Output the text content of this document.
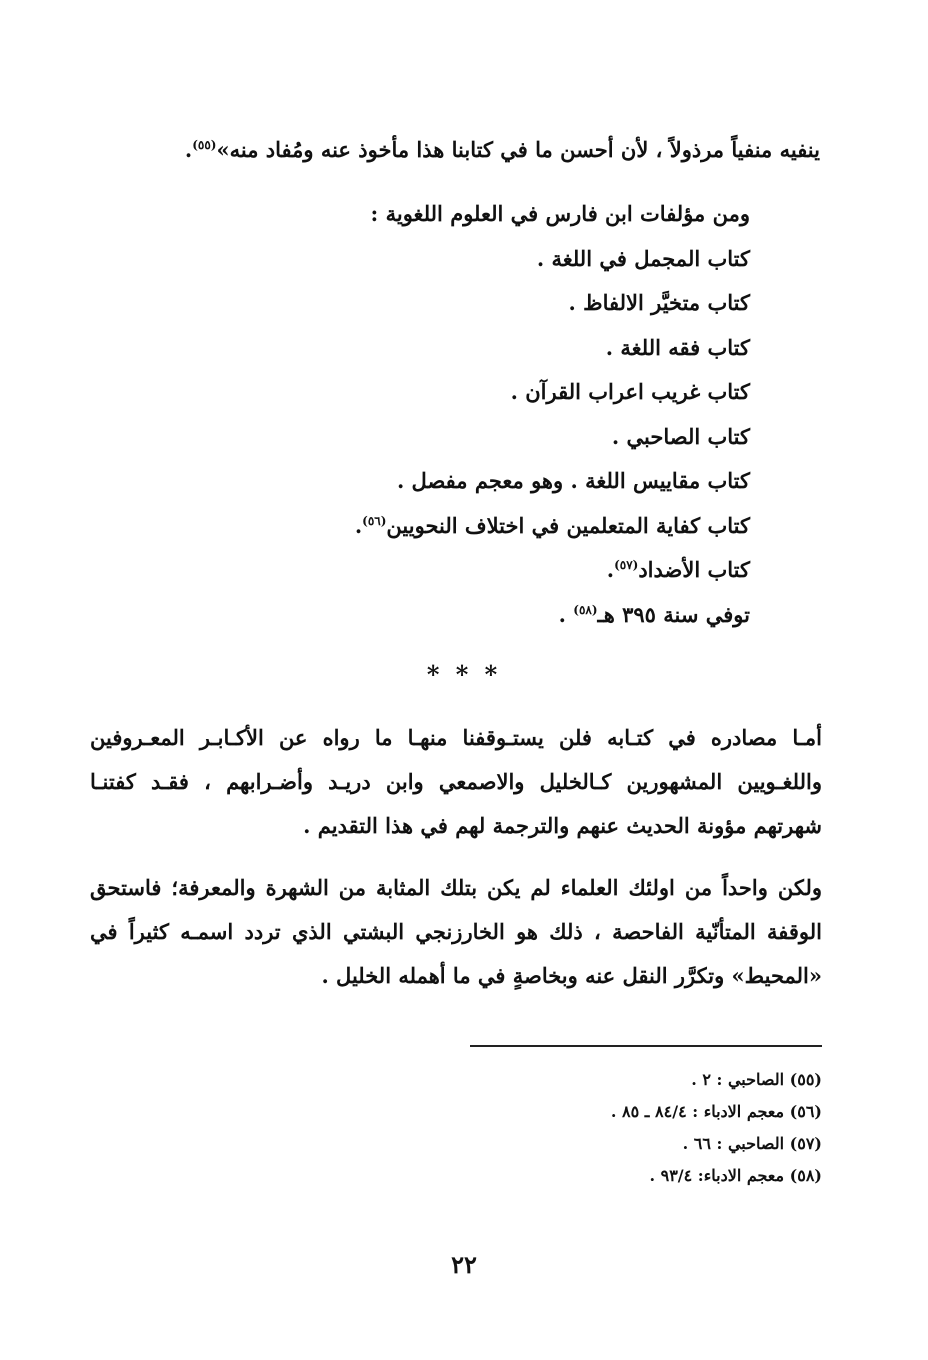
ينفيه منفياً مرذولاً ، لأن أحسن ما في كتابنا هذا مأخوذ عنه ومُفاد منه»$^{(٥٥)}$.

ومن مؤلفات ابن فارس في العلوم اللغوية :
كتاب المجمل في اللغة .
كتاب متخيَّر الالفاظ .
كتاب فقه اللغة .
كتاب غريب اعراب القرآن .
كتاب الصاحبي .
كتاب مقاييس اللغة . وهو معجم مفصل .
كتاب كفاية المتعلمين في اختلاف النحويين$^{(٥٦)}$.
كتاب الأضداد$^{(٥٧)}$.
توفي سنة ٣٩٥ هـ$^{(٥٨)}$ .
* * *

أمـا مصادره في كتـابه فلن يستـوقفنا منهـا ما رواه عن الأكـابـر المعـروفين واللغـويين المشهورين كـالخليل والاصمعي وابن دريـد وأضـرابهم ، فقـد كفتنـا شهرتهم مؤونة الحديث عنهم والترجمة لهم في هذا التقديم .

ولكن واحداً من اولئك العلماء لم يكن بتلك المثابة من الشهرة والمعرفة؛ فاستحق الوقفة المتأنّية الفاحصة ، ذلك هو الخارزنجي البشتي الذي تردد اسمـه كثيراً في «المحيط» وتكرَّر النقل عنه وبخاصةٍ في ما أهمله الخليل .

(٥٥) الصاحبي : ٢ .
(٥٦) معجم الادباء : ٨٤/٤ ـ ٨٥ .
(٥٧) الصاحبي : ٦٦ .
(٥٨) معجم الادباء: ٩٣/٤ .
٢٢
